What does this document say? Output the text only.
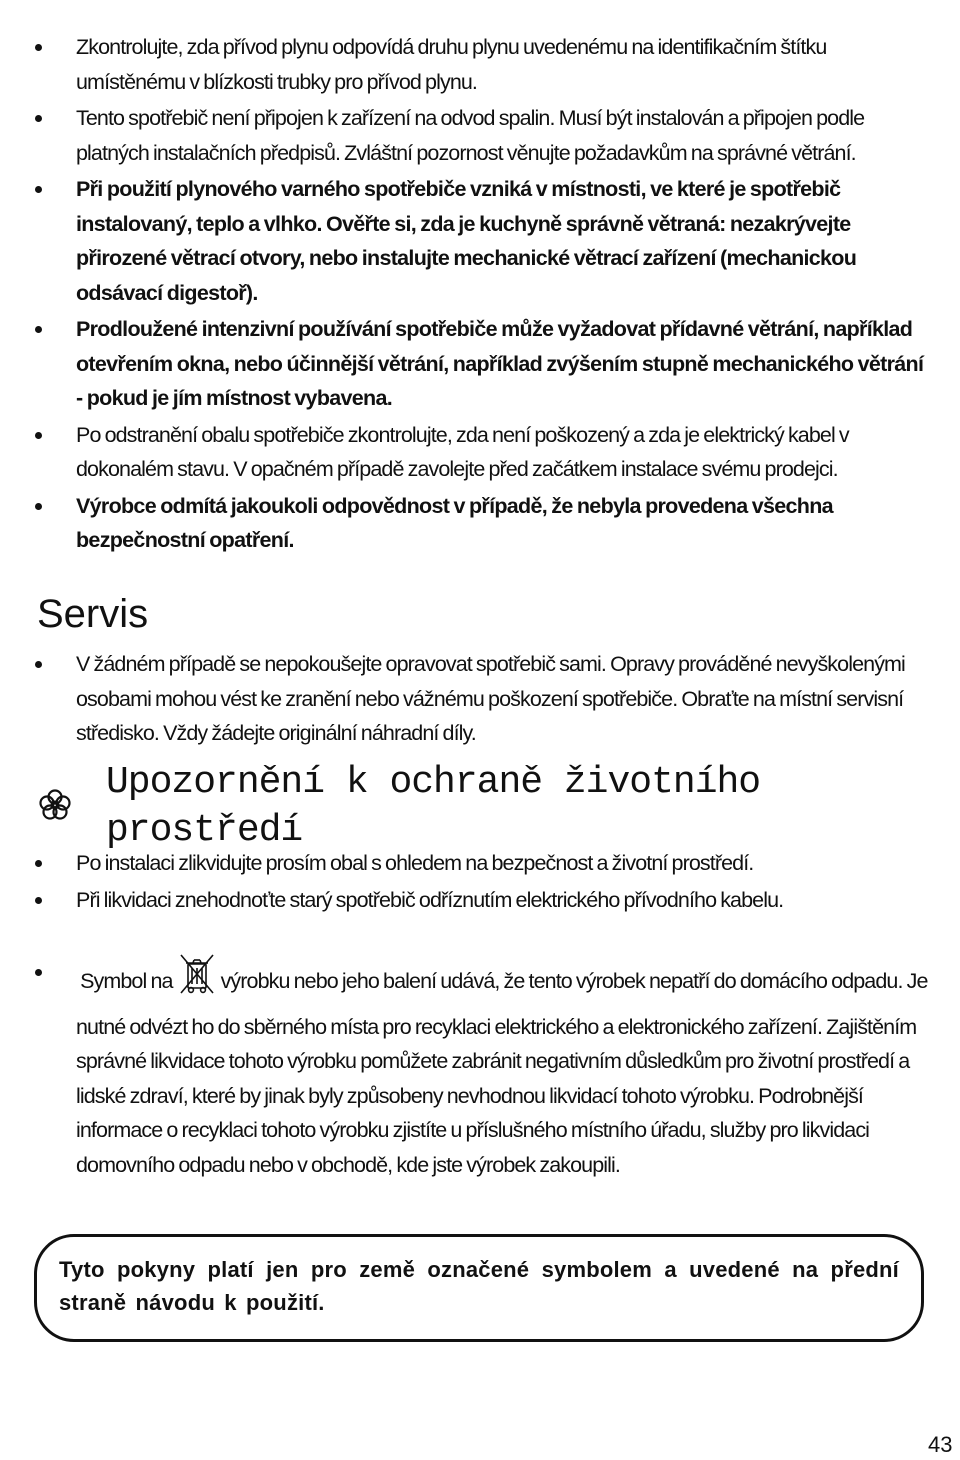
Zkontrolujte, zda přívod plynu odpovídá druhu plynu uvedenému na identifikačním štítku umístěnému v blízkosti trubky pro přívod plynu.
Tento spotřebič není připojen k zařízení na odvod spalin. Musí být instalován a připojen podle platných instalačních předpisů. Zvláštní pozornost věnujte požadavkům na správné větrání.
Při použití plynového varného spotřebiče vzniká v místnosti, ve které je spotřebič instalovaný, teplo a vlhko. Ověřte si, zda je kuchyně správně větraná: nezakrývejte přirozené větrací otvory, nebo instalujte mechanické větrací zařízení (mechanickou odsávací digestoř).
Prodloužené intenzivní používání spotřebiče může vyžadovat přídavné větrání, například otevřením okna, nebo účinnější větrání, například zvýšením stupně mechanického větrání - pokud je jím místnost vybavena.
Po odstranění obalu spotřebiče zkontrolujte, zda není poškozený a zda je elektrický kabel v dokonalém stavu. V opačném případě zavolejte před začátkem instalace svému prodejci.
Výrobce odmítá jakoukoli odpovědnost v případě, že nebyla provedena všechna bezpečnostní opatření.
Servis
V žádném případě se nepokoušejte opravovat spotřebič sami. Opravy prováděné nevyškolenými osobami mohou vést ke zranění nebo vážnému poškození spotřebiče. Obraťte na místní servisní středisko. Vždy žádejte originální náhradní díly.
Upozornění k ochraně životního prostředí
Po instalaci zlikvidujte prosím obal s ohledem na bezpečnost a životní prostředí.
Při likvidaci znehodnoťte starý spotřebič odříznutím elektrického přívodního kabelu.
Symbol na výrobku nebo jeho balení udává, že tento výrobek nepatří do domácího odpadu. Je nutné odvézt ho do sběrného místa pro recyklaci elektrického a elektronického zařízení. Zajištěním správné likvidace tohoto výrobku pomůžete zabránit negativním důsledkům pro životní prostředí a lidské zdraví, které by jinak byly způsobeny nevhodnou likvidací tohoto výrobku. Podrobnější informace o recyklaci tohoto výrobku zjistíte u příslušného místního úřadu, služby pro likvidaci domovního odpadu nebo v obchodě, kde jste výrobek zakoupili.
Tyto pokyny platí jen pro země označené symbolem a uvedené na přední straně návodu k použití.
43
